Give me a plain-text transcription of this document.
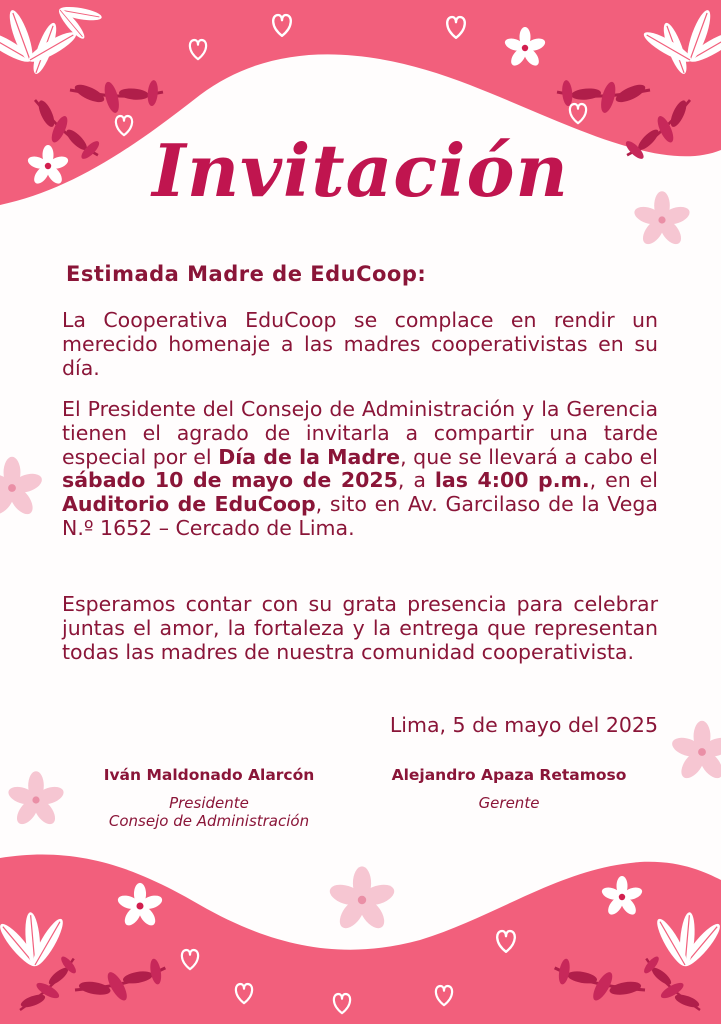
Invitación
Estimada Madre de EduCoop:

La Cooperativa EduCoop se complace en rendir un merecido homenaje a las madres cooperativistas en su día.

El Presidente del Consejo de Administración y la Gerencia tienen el agrado de invitarla a compartir una tarde especial por el Día de la Madre, que se llevará a cabo el sábado 10 de mayo de 2025, a las 4:00 p.m., en el Auditorio de EduCoop, sito en Av. Garcilaso de la Vega N.º 1652 – Cercado de Lima.

Esperamos contar con su grata presencia para celebrar juntas el amor, la fortaleza y la entrega que representan todas las madres de nuestra comunidad cooperativista.

Lima, 5 de mayo del 2025
Iván Maldonado Alarcón
Presidente
Consejo de Administración
Alejandro Apaza Retamoso
Gerente
